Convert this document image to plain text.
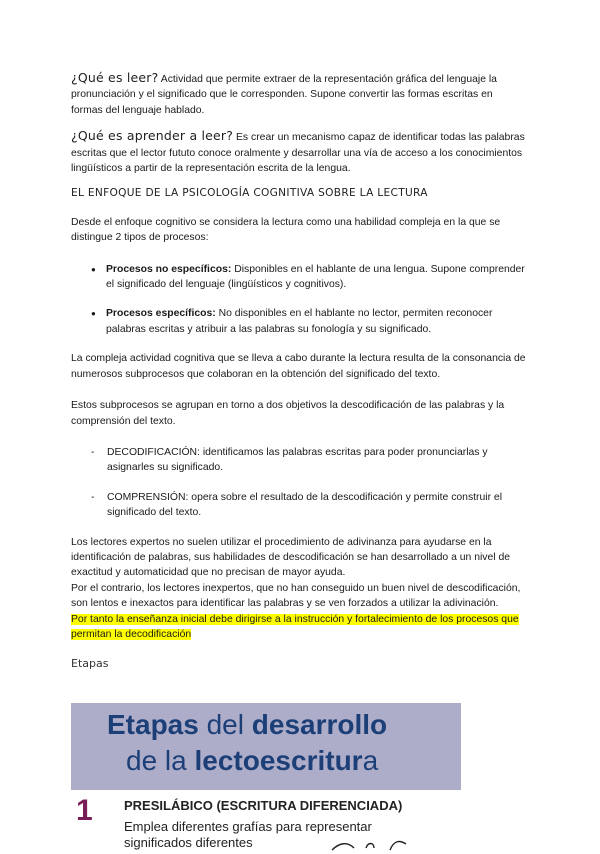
¿Qué es leer? Actividad que permite extraer de la representación gráfica del lenguaje la pronunciación y el significado que le corresponden. Supone convertir las formas escritas en formas del lenguaje hablado.

¿Qué es aprender a leer? Es crear un mecanismo capaz de identificar todas las palabras escritas que el lector fututo conoce oralmente y desarrollar una vía de acceso a los conocimientos lingüísticos a partir de la representación escrita de la lengua.

EL ENFOQUE DE LA PSICOLOGÍA COGNITIVA SOBRE LA LECTURA

Desde el enfoque cognitivo se considera la lectura como una habilidad compleja en la que se distingue 2 tipos de procesos:

● Procesos no específicos: Disponibles en el hablante de una lengua. Supone comprender el significado del lenguaje (lingüísticos y cognitivos).
● Procesos específicos: No disponibles en el hablante no lector, permiten reconocer palabras escritas y atribuir a las palabras su fonología y su significado.

La compleja actividad cognitiva que se lleva a cabo durante la lectura resulta de la consonancia de numerosos subprocesos que colaboran en la obtención del significado del texto.

Estos subprocesos se agrupan en torno a dos objetivos la descodificación de las palabras y la comprensión del texto.

- DECODIFICACIÓN: identificamos las palabras escritas para poder pronunciarlas y asignarles su significado.
- COMPRENSIÓN: opera sobre el resultado de la descodificación y permite construir el significado del texto.

Los lectores expertos no suelen utilizar el procedimiento de adivinanza para ayudarse en la identificación de palabras, sus habilidades de descodificación se han desarrollado a un nivel de exactitud y automaticidad que no precisan de mayor ayuda.

Por el contrario, los lectores inexpertos, que no han conseguido un buen nivel de descodificación, son lentos e inexactos para identificar las palabras y se ven forzados a utilizar la adivinación.

Por tanto la enseñanza inicial debe dirigirse a la instrucción y fortalecimiento de los procesos que permitan la decodificación

Etapas

Etapas del desarrollo
de la lectoescritura
1 PRESILÁBICO (ESCRITURA DIFERENCIADA)
Emplea diferentes grafías para representar
significados diferentes
